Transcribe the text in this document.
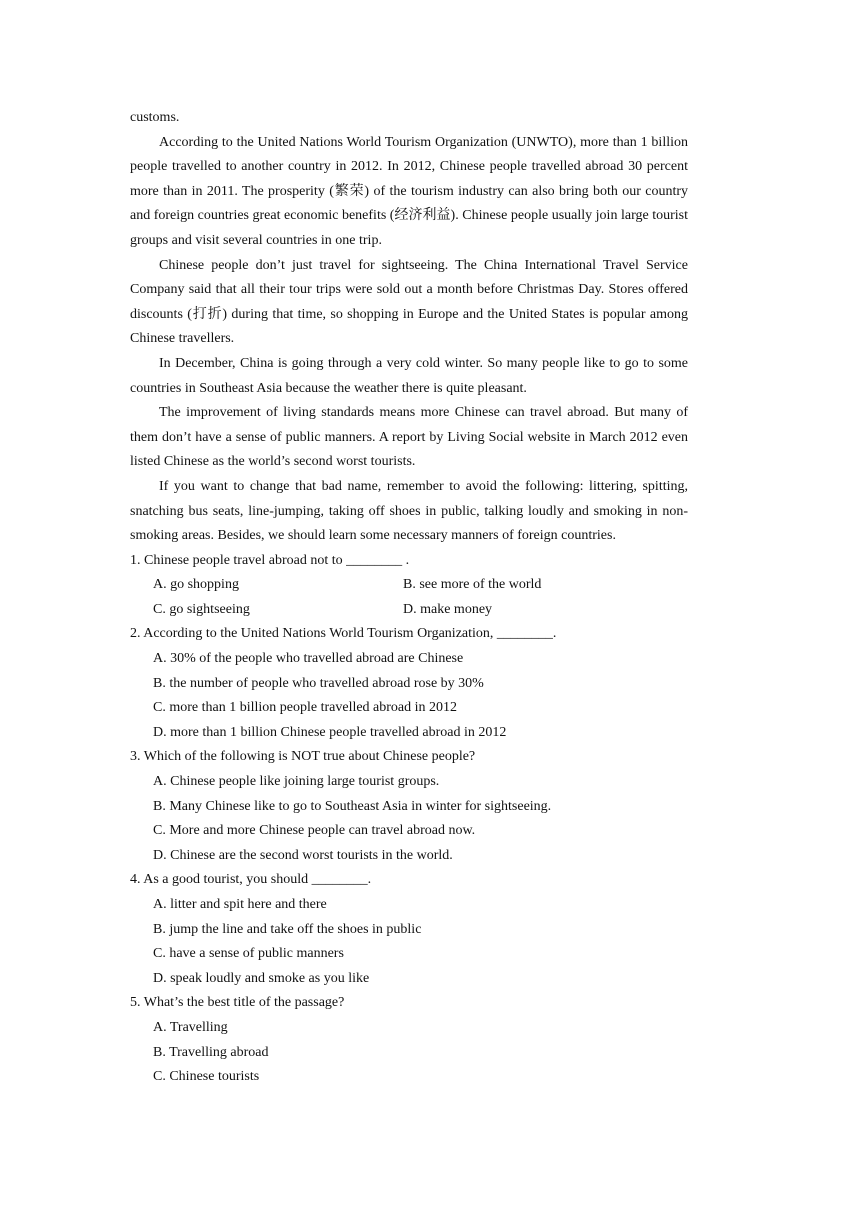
customs.

According to the United Nations World Tourism Organization (UNWTO), more than 1 billion people travelled to another country in 2012. In 2012, Chinese people travelled abroad 30 percent more than in 2011. The prosperity (繁荣) of the tourism industry can also bring both our country and foreign countries great economic benefits (经济利益). Chinese people usually join large tourist groups and visit several countries in one trip.

Chinese people don’t just travel for sightseeing. The China International Travel Service Company said that all their tour trips were sold out a month before Christmas Day. Stores offered discounts (打折) during that time, so shopping in Europe and the United States is popular among Chinese travellers.

In December, China is going through a very cold winter. So many people like to go to some countries in Southeast Asia because the weather there is quite pleasant.

The improvement of living standards means more Chinese can travel abroad. But many of them don’t have a sense of public manners. A report by Living Social website in March 2012 even listed Chinese as the world’s second worst tourists.

If you want to change that bad name, remember to avoid the following: littering, spitting, snatching bus seats, line-jumping, taking off shoes in public, talking loudly and smoking in non- smoking areas. Besides, we should learn some necessary manners of foreign countries.

1. Chinese people travel abroad not to ________ .

A. go shopping	B. see more of the world
C. go sightseeing	D. make money

2. According to the United Nations World Tourism Organization, ________.

A. 30% of the people who travelled abroad are Chinese

B. the number of people who travelled abroad rose by 30%

C. more than 1 billion people travelled abroad in 2012

D. more than 1 billion Chinese people travelled abroad in 2012

3. Which of the following is NOT true about Chinese people?

A. Chinese people like joining large tourist groups.

B. Many Chinese like to go to Southeast Asia in winter for sightseeing.

C. More and more Chinese people can travel abroad now.

D. Chinese are the second worst tourists in the world.

4. As a good tourist, you should ________.

A. litter and spit here and there

B. jump the line and take off the shoes in public

C. have a sense of public manners

D. speak loudly and smoke as you like

5. What’s the best title of the passage?

A. Travelling

B. Travelling abroad

C. Chinese tourists
